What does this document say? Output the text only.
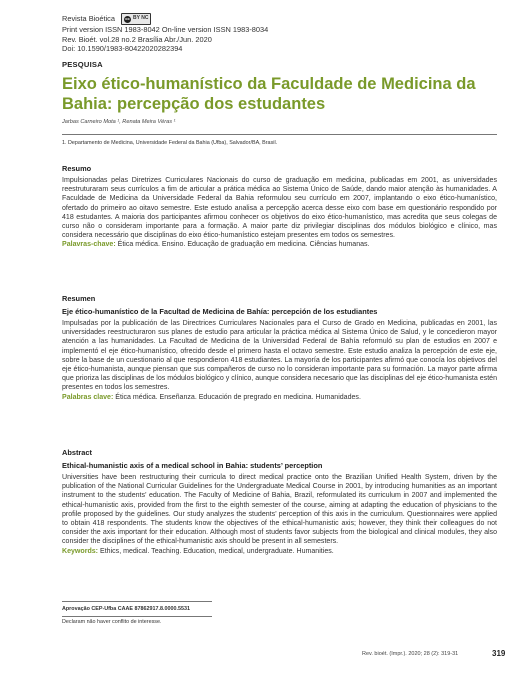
Revista Bioética	cc BY NC
Print version ISSN 1983-8042 On-line version ISSN 1983-8034
Rev. Bioét. vol.28 no.2 Brasília Abr./Jun. 2020
Doi: 10.1590/1983-80422020282394
PESQUISA
Eixo ético-humanístico da Faculdade de Medicina da Bahia: percepção dos estudantes
Jarbas Carneiro Mota ¹, Renata Meira Véras ¹
1. Departamento de Medicina, Universidade Federal da Bahia (Ufba), Salvador/BA, Brasil.
Resumo
Impulsionadas pelas Diretrizes Curriculares Nacionais do curso de graduação em medicina, publicadas em 2001, as universidades reestruturaram seus currículos a fim de articular a prática médica ao Sistema Único de Saúde, dando maior atenção às humanidades. A Faculdade de Medicina da Universidade Federal da Bahia reformulou seu currículo em 2007, implantando o eixo ético-humanístico, ofertado do primeiro ao oitavo semestre. Este estudo analisa a percepção acerca desse eixo com base em questionário respondido por 418 estudantes. A maioria dos participantes afirmou conhecer os objetivos do eixo ético-humanístico, mas acredita que seus colegas de curso não o consideram importante para a formação. A maior parte diz privilegiar disciplinas dos módulos biológico e clínico, mas considera necessário que disciplinas do eixo ético-humanístico estejam presentes em todos os semestres.
Palavras-chave: Ética médica. Ensino. Educação de graduação em medicina. Ciências humanas.
Resumen
Eje ético-humanístico de la Facultad de Medicina de Bahía: percepción de los estudiantes
Impulsadas por la publicación de las Directrices Curriculares Nacionales para el Curso de Grado en Medicina, publicadas en 2001, las universidades reestructuraron sus planes de estudio para articular la práctica médica al Sistema Único de Salud, y le concedieron mayor atención a las humanidades. La Facultad de Medicina de la Universidad Federal de Bahía reformuló su plan de estudios en 2007 e implementó el eje ético-humanístico, ofrecido desde el primero hasta el octavo semestre. Este estudio analiza la percepción de este eje, sobre la base de un cuestionario al que respondieron 418 estudiantes. La mayoría de los participantes afirmó que conocía los objetivos del eje ético-humanista, aunque piensan que sus compañeros de curso no lo consideran importante para su formación. La mayor parte afirma que prioriza las disciplinas de los módulos biológico y clínico, aunque considera necesario que las disciplinas del eje ético-humanista estén presentes en todos los semestres.
Palabras clave: Ética médica. Enseñanza. Educación de pregrado en medicina. Humanidades.
Abstract
Ethical-humanistic axis of a medical school in Bahia: students’ perception
Universities have been restructuring their curricula to direct medical practice onto the Brazilian Unified Health System, driven by the publication of the National Curricular Guidelines for the Undergraduate Medical Course in 2001, by introducing humanities as an important instrument to the students’ education. The Faculty of Medicine of Bahia, Brazil, reformulated its curriculum in 2007 and implemented the ethical-humanistic axis, provided from the first to the eighth semester of the course, aiming at adapting the education of physicians to the profile proposed by the guidelines. Our study analyzes the students’ perception of this axis in the curriculum. Questionnaires were applied to obtain 418 respondents. The students know the objectives of the ethical-humanistic axis; however, they think their colleagues do not consider the axis important for their education. Although most of students favor subjects from the biological and clinical modules, they also consider the disciplines of the ethical-humanistic axis should be present in all semesters.
Keywords: Ethics, medical. Teaching. Education, medical, undergraduate. Humanities.
Aprovação CEP-Ufba CAAE 87862917.8.0000.5531
Declaram não haver conflito de interesse.
Rev. bioét. (Impr.). 2020; 28 (2): 319-31	319
